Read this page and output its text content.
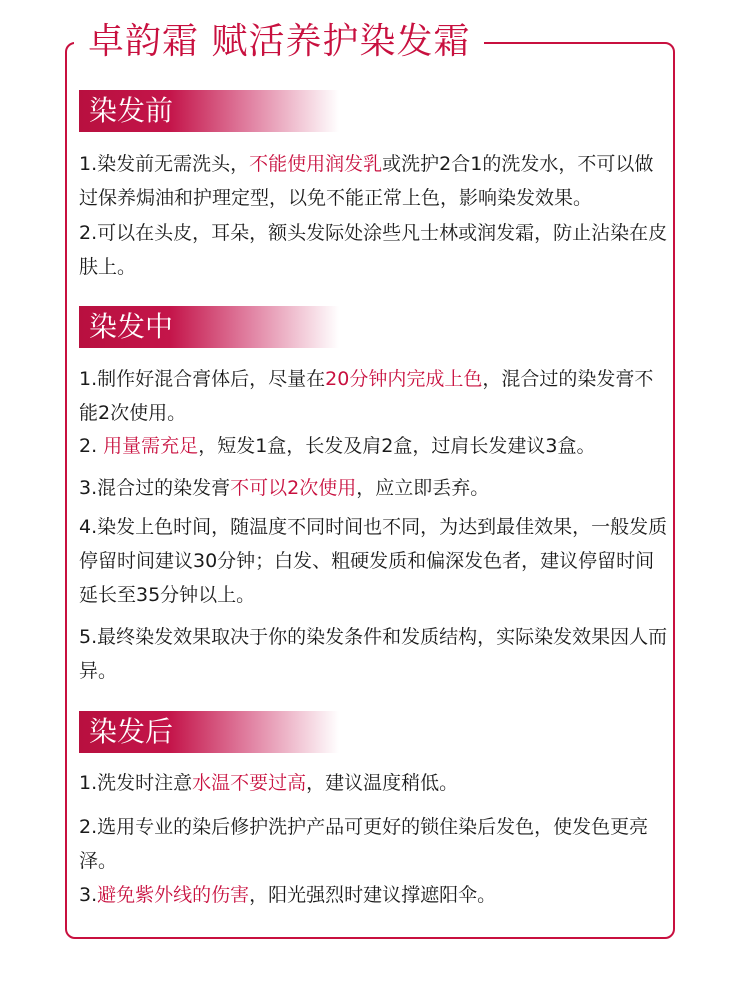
卓韵霜 赋活养护染发霜
染发前
1.染发前无需洗头，不能使用润发乳或洗护2合1的洗发水，不可以做过保养焗油和护理定型，以免不能正常上色，影响染发效果。
2.可以在头皮，耳朵，额头发际处涂些凡士林或润发霜，防止沾染在皮肤上。
染发中
1.制作好混合膏体后，尽量在20分钟内完成上色，混合过的染发膏不能2次使用。
2. 用量需充足，短发1盒，长发及肩2盒，过肩长发建议3盒。
3.混合过的染发膏不可以2次使用，应立即丢弃。
4.染发上色时间，随温度不同时间也不同，为达到最佳效果，一般发质停留时间建议30分钟；白发、粗硬发质和偏深发色者，建议停留时间延长至35分钟以上。
5.最终染发效果取决于你的染发条件和发质结构，实际染发效果因人而异。
染发后
1.洗发时注意水温不要过高，建议温度稍低。
2.选用专业的染后修护洗护产品可更好的锁住染后发色，使发色更亮泽。
3.避免紫外线的伤害，阳光强烈时建议撑遮阳伞。
